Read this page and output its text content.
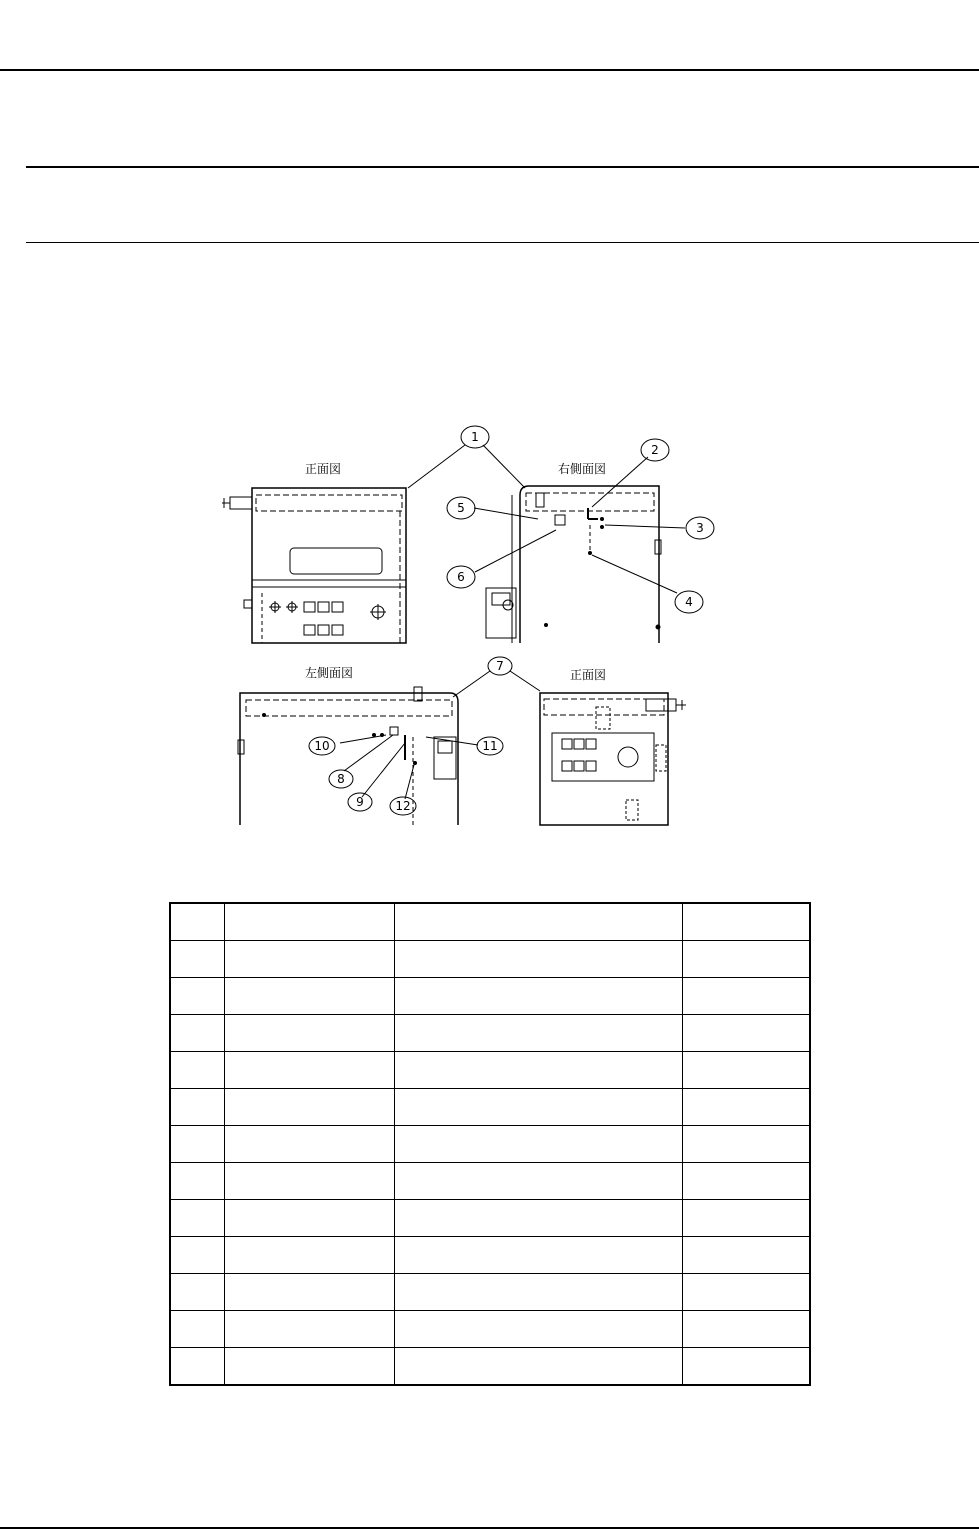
正面図	右側面図
左側面図	正面図
1
2
3
4
5
6
7
8
9
10	11
12
